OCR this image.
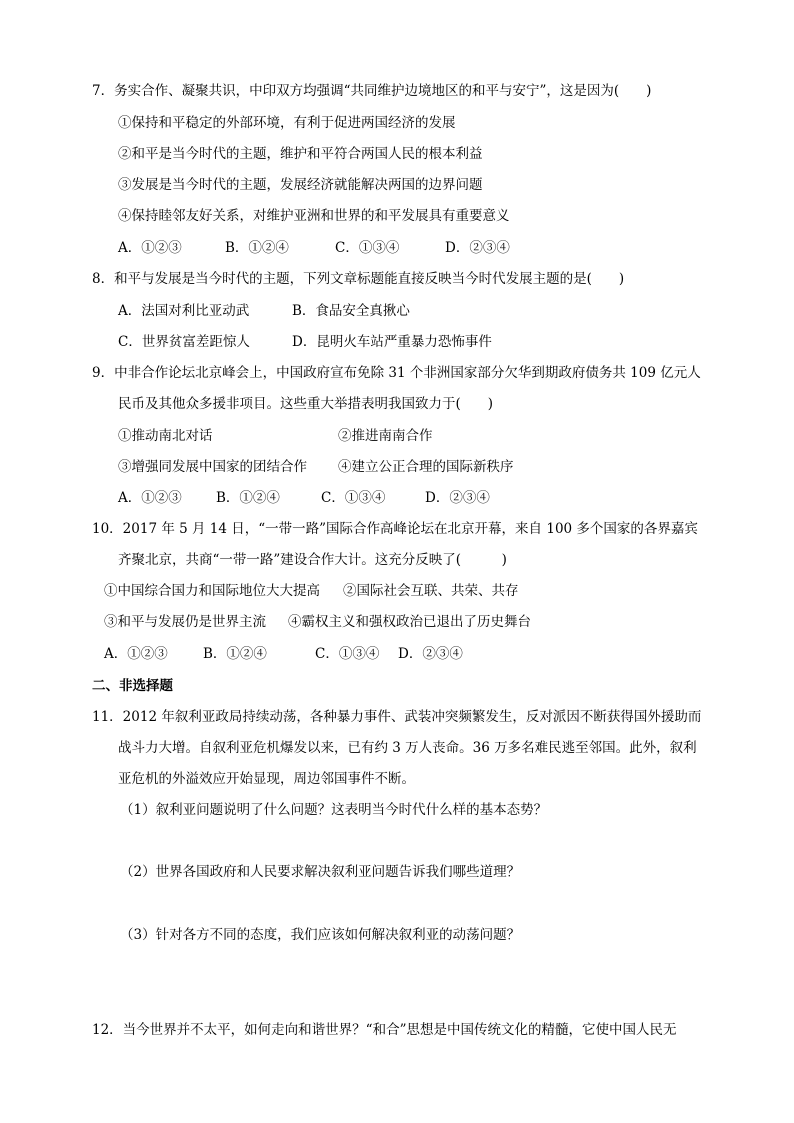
7．务实合作、凝聚共识，中印双方均强调“共同维护边境地区的和平与安宁”，这是因为(　　)
①保持和平稳定的外部环境，有利于促进两国经济的发展
②和平是当今时代的主题，维护和平符合两国人民的根本利益
③发展是当今时代的主题，发展经济就能解决两国的边界问题
④保持睦邻友好关系，对维护亚洲和世界的和平发展具有重要意义
A．①②③	B．①②④	C．①③④	D．②③④
8．和平与发展是当今时代的主题，下列文章标题能直接反映当今时代发展主题的是(　　)
A．法国对利比亚动武	B．食品安全真揪心
C．世界贫富差距惊人	D．昆明火车站严重暴力恐怖事件
9．中非合作论坛北京峰会上，中国政府宣布免除 31 个非洲国家部分欠华到期政府债务共 109 亿元人
民币及其他众多援非项目。这些重大举措表明我国致力于(　　)
①推动南北对话	②推进南南合作
③增强同发展中国家的团结合作 ④建立公正合理的国际新秩序
A．①②③	B．①②④	C．①③④	D．②③④
10．2017 年 5 月 14 日，“一带一路”国际合作高峰论坛在北京开幕，来自 100 多个国家的各界嘉宾
齐聚北京，共商“一带一路”建设合作大计。这充分反映了(　　　)
①中国综合国力和国际地位大大提高 ②国际社会互联、共荣、共存
③和平与发展仍是世界主流 ④霸权主义和强权政治已退出了历史舞台
A．①②③	B．①②④	C．①③④ D．②③④
二、非选择题
11．2012 年叙利亚政局持续动荡，各种暴力事件、武装冲突频繁发生，反对派因不断获得国外援助而
战斗力大增。自叙利亚危机爆发以来，已有约 3 万人丧命。36 万多名难民逃至邻国。此外，叙利
亚危机的外溢效应开始显现，周边邻国事件不断。
（1）叙利亚问题说明了什么问题？这表明当今时代什么样的基本态势？
（2）世界各国政府和人民要求解决叙利亚问题告诉我们哪些道理？
（3）针对各方不同的态度，我们应该如何解决叙利亚的动荡问题？
12．当今世界并不太平，如何走向和谐世界？“和合”思想是中国传统文化的精髓，它使中国人民无
